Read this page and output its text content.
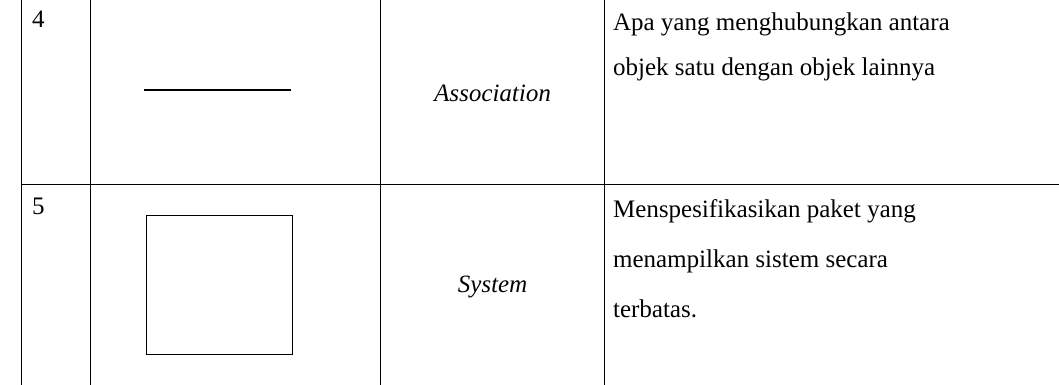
4		Association	Apa yang menghubungkan antara
objek satu dengan objek lainnya

5		System	Menspesifikasikan paket yang
menampilkan sistem secara
terbatas.
